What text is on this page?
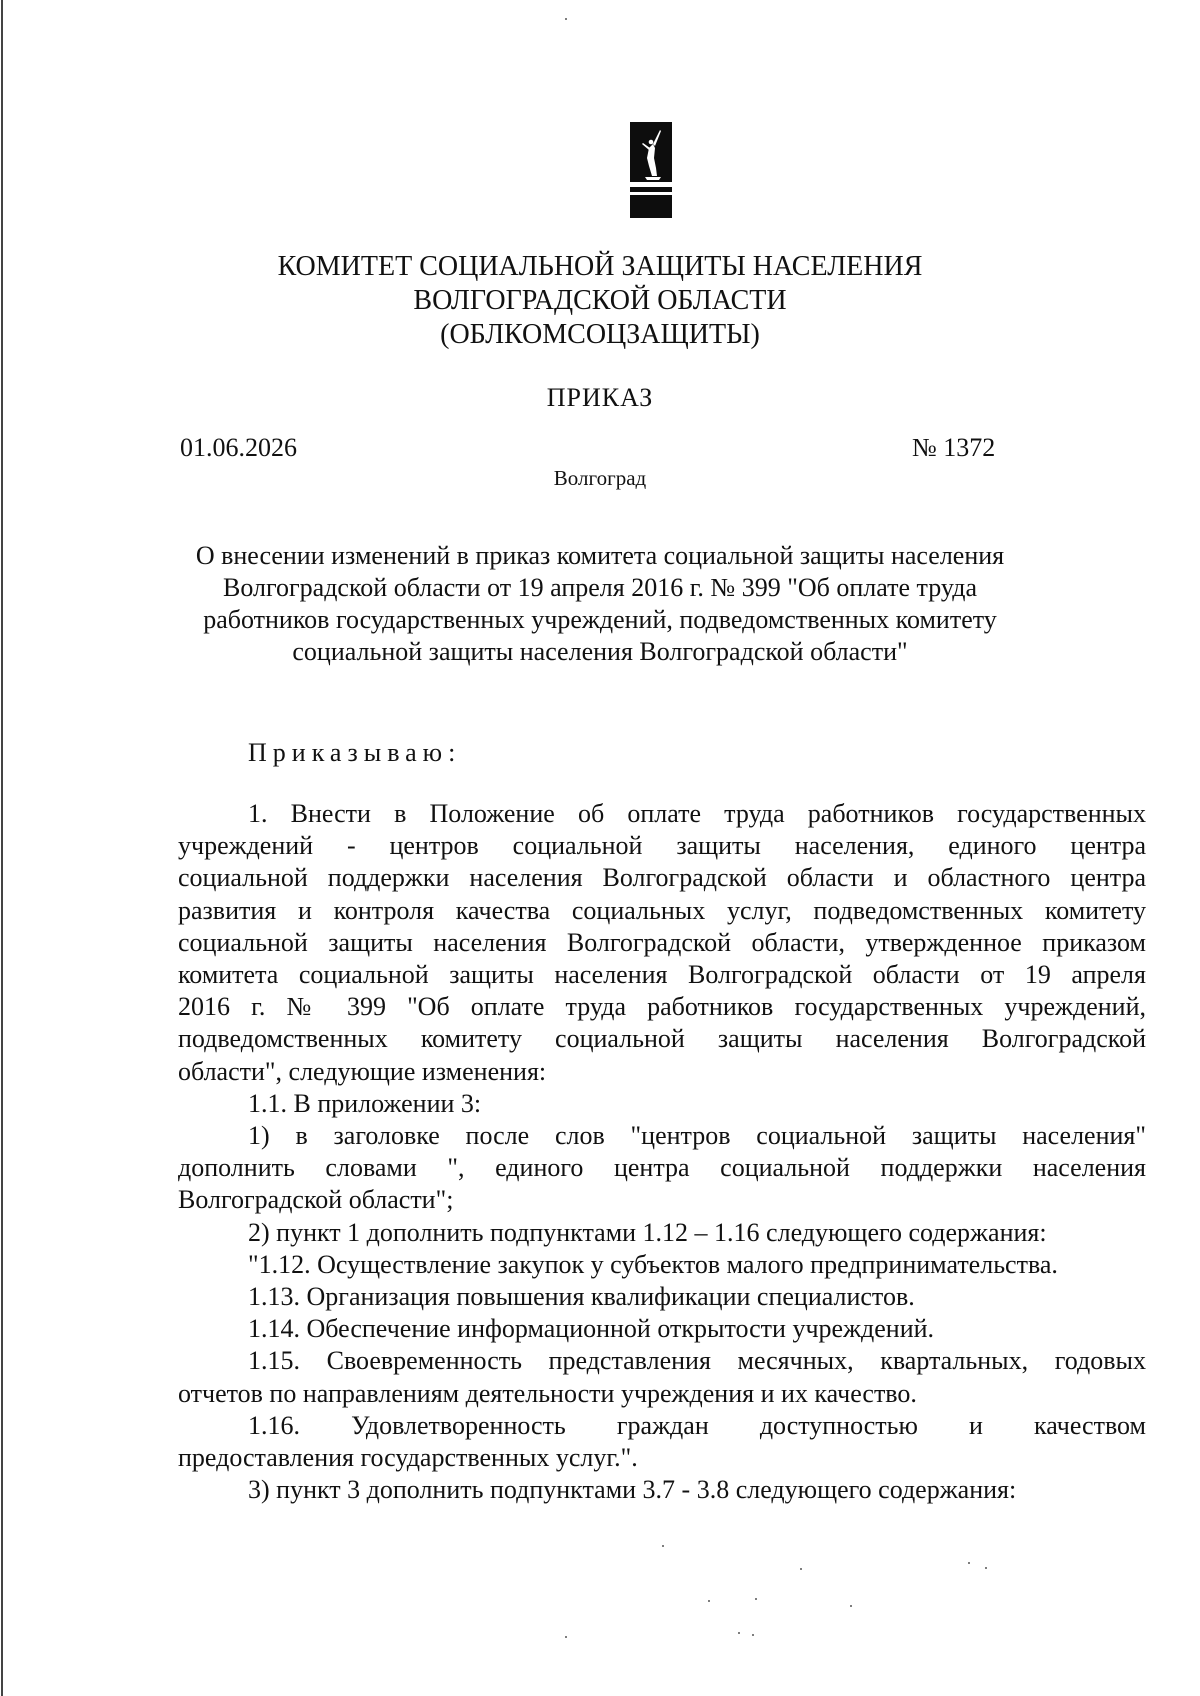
КОМИТЕТ СОЦИАЛЬНОЙ ЗАЩИТЫ НАСЕЛЕНИЯ
ВОЛГОГРАДСКОЙ ОБЛАСТИ
(ОБЛКОМСОЦЗАЩИТЫ)
ПРИКАЗ
01.06.2026	№ 1372
Волгоград
О внесении изменений в приказ комитета социальной защиты населения
Волгоградской области от 19 апреля 2016 г. № 399 "Об оплате труда
работников государственных учреждений, подведомственных комитету
социальной защиты населения Волгоградской области"
Приказываю:
1. Внести в Положение об оплате труда работников государственных
учреждений - центров социальной защиты населения, единого центра
социальной поддержки населения Волгоградской области и областного центра
развития и контроля качества социальных услуг, подведомственных комитету
социальной защиты населения Волгоградской области, утвержденное приказом
комитета социальной защиты населения Волгоградской области от 19 апреля
2016 г. № 399 "Об оплате труда работников государственных учреждений,
подведомственных комитету социальной защиты населения Волгоградской
области", следующие изменения:
1.1. В приложении 3:
1) в заголовке после слов "центров социальной защиты населения"
дополнить словами ", единого центра социальной поддержки населения
Волгоградской области";
2) пункт 1 дополнить подпунктами 1.12 – 1.16 следующего содержания:
"1.12. Осуществление закупок у субъектов малого предпринимательства.
1.13. Организация повышения квалификации специалистов.
1.14. Обеспечение информационной открытости учреждений.
1.15. Своевременность представления месячных, квартальных, годовых
отчетов по направлениям деятельности учреждения и их качество.
1.16. Удовлетворенность граждан доступностью и качеством
предоставления государственных услуг.".
3) пункт 3 дополнить подпунктами 3.7 - 3.8 следующего содержания:
